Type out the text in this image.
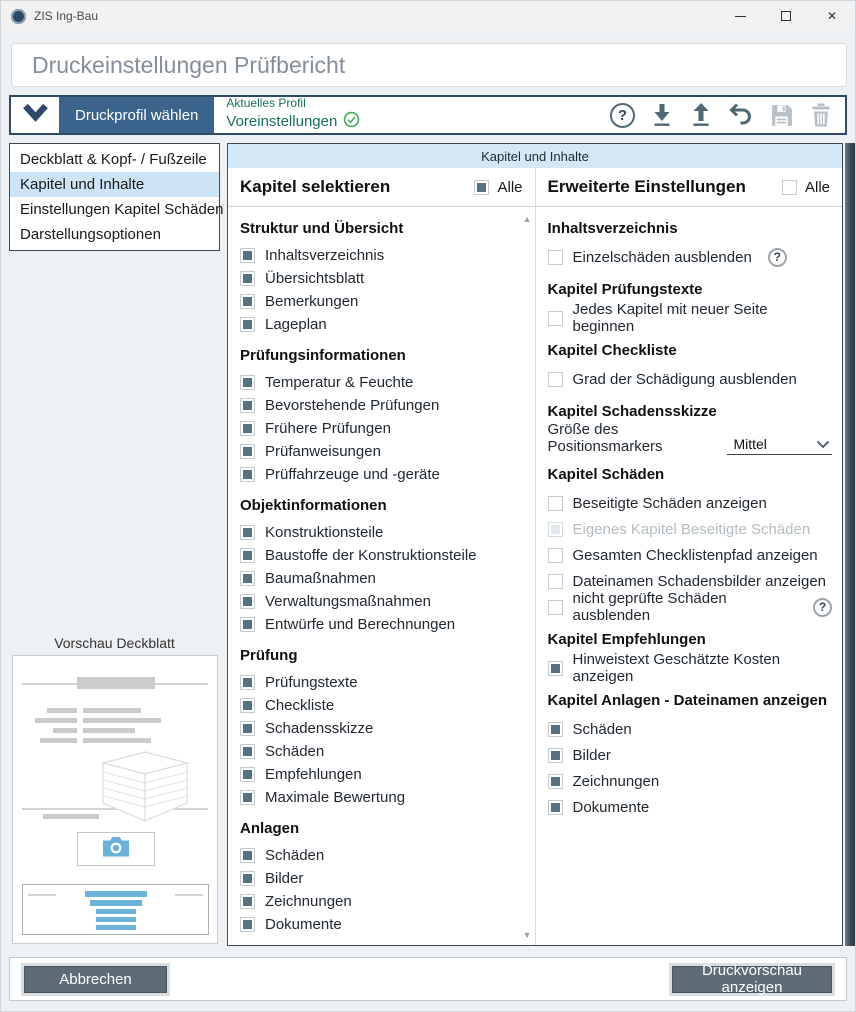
ZIS Ing-Bau	✕
Druckeinstellungen Prüfbericht
Druckprofil wählen
Aktuelles Profil
Voreinstellungen	?
Deckblatt & Kopf- / Fußzeile
Kapitel und Inhalte
Einstellungen Kapitel Schäden
Darstellungsoptionen
Kapitel und Inhalte
Kapitel selektieren	Alle
▲
▼
Struktur und Übersicht
Inhaltsverzeichnis
Übersichtsblatt
Bemerkungen
Lageplan
Prüfungsinformationen
Temperatur & Feuchte
Bevorstehende Prüfungen
Frühere Prüfungen
Prüfanweisungen
Prüffahrzeuge und -geräte
Objektinformationen
Konstruktionsteile
Baustoffe der Konstruktionsteile
Baumaßnahmen
Verwaltungsmaßnahmen
Entwürfe und Berechnungen
Prüfung
Prüfungstexte
Checkliste
Schadensskizze
Schäden
Empfehlungen
Maximale Bewertung
Anlagen
Schäden
Bilder
Zeichnungen
Dokumente
Erweiterte Einstellungen	Alle
Inhaltsverzeichnis
Einzelschäden ausblenden	?
Kapitel Prüfungstexte
Jedes Kapitel mit neuer Seite beginnen
Kapitel Checkliste
Grad der Schädigung ausblenden
Kapitel Schadensskizze
Größe des Positionsmarkers	Mittel
Kapitel Schäden
Beseitigte Schäden anzeigen
Eigenes Kapitel Beseitigte Schäden
Gesamten Checklistenpfad anzeigen
Dateinamen Schadensbilder anzeigen
nicht geprüfte Schäden ausblenden	?
Kapitel Empfehlungen
Hinweistext Geschätzte Kosten anzeigen
Kapitel Anlagen - Dateinamen anzeigen
Schäden
Bilder
Zeichnungen
Dokumente
Vorschau Deckblatt
Abbrechen	Druckvorschau anzeigen
